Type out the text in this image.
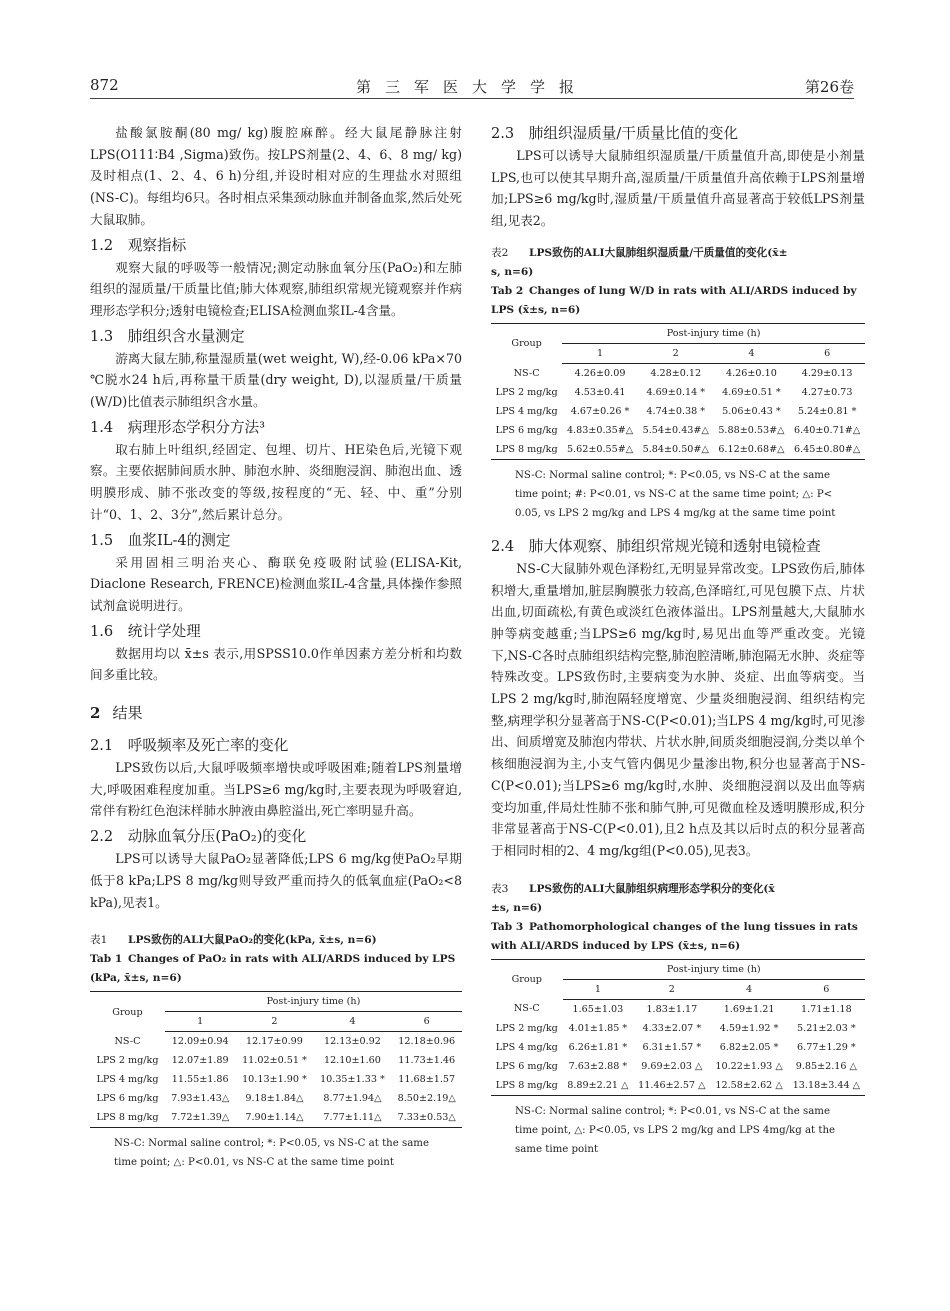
872	第三军医大学学报	第26卷

盐酸氯胺酮(80 mg/ kg)腹腔麻醉。经大鼠尾静脉注射LPS(O111∶B4 ,Sigma)致伤。按LPS剂量(2、4、6、8 mg/ kg)及时相点(1、2、4、6 h)分组,并设时相对应的生理盐水对照组(NS-C)。每组均6只。各时相点采集颈动脉血并制备血浆,然后处死大鼠取肺。

1.2　观察指标

观察大鼠的呼吸等一般情况;测定动脉血氧分压(PaO₂)和左肺组织的湿质量/干质量比值;肺大体观察,肺组织常规光镜观察并作病理形态学积分;透射电镜检查;ELISA检测血浆IL-4含量。

1.3　肺组织含水量测定

游离大鼠左肺,称量湿质量(wet weight, W),经-0.06 kPa×70 ℃脱水24 h后,再称量干质量(dry weight, D),以湿质量/干质量(W/D)比值表示肺组织含水量。

1.4　病理形态学积分方法³

取右肺上叶组织,经固定、包埋、切片、HE染色后,光镜下观察。主要依据肺间质水肿、肺泡水肿、炎细胞浸润、肺泡出血、透明膜形成、肺不张改变的等级,按程度的“无、轻、中、重”分别计“0、1、2、3分”,然后累计总分。

1.5　血浆IL-4的测定

采用固相三明治夹心、酶联免疫吸附试验(ELISA-Kit, Diaclone Research, FRENCE)检测血浆IL-4含量,具体操作参照试剂盒说明进行。

1.6　统计学处理

数据用均以 x̄±s 表示,用SPSS10.0作单因素方差分析和均数间多重比较。

2 结果
2.1　呼吸频率及死亡率的变化

LPS致伤以后,大鼠呼吸频率增快或呼吸困难;随着LPS剂量增大,呼吸困难程度加重。当LPS≥6 mg/kg时,主要表现为呼吸窘迫,常伴有粉红色泡沫样肺水肿液由鼻腔溢出,死亡率明显升高。

2.2　动脉血氧分压(PaO₂)的变化

LPS可以诱导大鼠PaO₂显著降低;LPS 6 mg/kg使PaO₂早期低于8 kPa;LPS 8 mg/kg则导致严重而持久的低氧血症(PaO₂<8 kPa),见表1。

表1 LPS致伤的ALI大鼠PaO₂的变化(kPa, x̄±s, n=6)

Tab 1 Changes of PaO₂ in rats with ALI/ARDS induced by LPS

(kPa, x̄±s, n=6)

Group	Post-injury time (h)			
	1	2	4	6
NS-C	12.09±0.94	12.17±0.99	12.13±0.92	12.18±0.96
LPS 2 mg/kg	12.07±1.89	11.02±0.51 *	12.10±1.60	11.73±1.46
LPS 4 mg/kg	11.55±1.86	10.13±1.90 *	10.35±1.33 *	11.68±1.57
LPS 6 mg/kg	7.93±1.43△	9.18±1.84△	8.77±1.94△	8.50±2.19△
LPS 8 mg/kg	7.72±1.39△	7.90±1.14△	7.77±1.11△	7.33±0.53△
NS-C: Normal saline control; *: P<0.05, vs NS-C at the same
time point; △: P<0.01, vs NS-C at the same time point
2.3　肺组织湿质量/干质量比值的变化

LPS可以诱导大鼠肺组织湿质量/干质量值升高,即使是小剂量LPS,也可以使其早期升高,湿质量/干质量值升高依赖于LPS剂量增加;LPS≥6 mg/kg时,湿质量/干质量值升高显著高于较低LPS剂量组,见表2。

表2 LPS致伤的ALI大鼠肺组织湿质量/干质量值的变化(x̄±

s, n=6)

Tab 2 Changes of lung W/D in rats with ALI/ARDS induced by

LPS (x̄±s, n=6)

Group	Post-injury time (h)			
	1	2	4	6
NS-C	4.26±0.09	4.28±0.12	4.26±0.10	4.29±0.13
LPS 2 mg/kg	4.53±0.41	4.69±0.14 *	4.69±0.51 *	4.27±0.73
LPS 4 mg/kg	4.67±0.26 *	4.74±0.38 *	5.06±0.43 *	5.24±0.81 *
LPS 6 mg/kg	4.83±0.35#△	5.54±0.43#△	5.88±0.53#△	6.40±0.71#△
LPS 8 mg/kg	5.62±0.55#△	5.84±0.50#△	6.12±0.68#△	6.45±0.80#△
NS-C: Normal saline control; *: P<0.05, vs NS-C at the same
time point; #: P<0.01, vs NS-C at the same time point; △: P<
0.05, vs LPS 2 mg/kg and LPS 4 mg/kg at the same time point
2.4　肺大体观察、肺组织常规光镜和透射电镜检查

NS-C大鼠肺外观色泽粉红,无明显异常改变。LPS致伤后,肺体积增大,重量增加,脏层胸膜张力较高,色泽暗红,可见包膜下点、片状出血,切面疏松,有黄色或淡红色液体溢出。LPS剂量越大,大鼠肺水肿等病变越重;当LPS≥6 mg/kg时,易见出血等严重改变。光镜下,NS-C各时点肺组织结构完整,肺泡腔清晰,肺泡隔无水肿、炎症等特殊改变。LPS致伤时,主要病变为水肿、炎症、出血等病变。当LPS 2 mg/kg时,肺泡隔轻度增宽、少量炎细胞浸润、组织结构完整,病理学积分显著高于NS-C(P<0.01);当LPS 4 mg/kg时,可见渗出、间质增宽及肺泡内带状、片状水肿,间质炎细胞浸润,分类以单个核细胞浸润为主,小支气管内偶见少量渗出物,积分也显著高于NS-C(P<0.01);当LPS≥6 mg/kg时,水肿、炎细胞浸润以及出血等病变均加重,伴局灶性肺不张和肺气肿,可见微血栓及透明膜形成,积分非常显著高于NS-C(P<0.01),且2 h点及其以后时点的积分显著高于相同时相的2、4 mg/kg组(P<0.05),见表3。

表3 LPS致伤的ALI大鼠肺组织病理形态学积分的变化(x̄

±s, n=6)

Tab 3 Pathomorphological changes of the lung tissues in rats

with ALI/ARDS induced by LPS (x̄±s, n=6)

Group	Post-injury time (h)			
	1	2	4	6
NS-C	1.65±1.03	1.83±1.17	1.69±1.21	1.71±1.18
LPS 2 mg/kg	4.01±1.85 *	4.33±2.07 *	4.59±1.92 *	5.21±2.03 *
LPS 4 mg/kg	6.26±1.81 *	6.31±1.57 *	6.82±2.05 *	6.77±1.29 *
LPS 6 mg/kg	7.63±2.88 *	9.69±2.03 △	10.22±1.93 △	9.85±2.16 △
LPS 8 mg/kg	8.89±2.21 △	11.46±2.57 △	12.58±2.62 △	13.18±3.44 △
NS-C: Normal saline control; *: P<0.01, vs NS-C at the same
time point, △: P<0.05, vs LPS 2 mg/kg and LPS 4mg/kg at the
same time point
